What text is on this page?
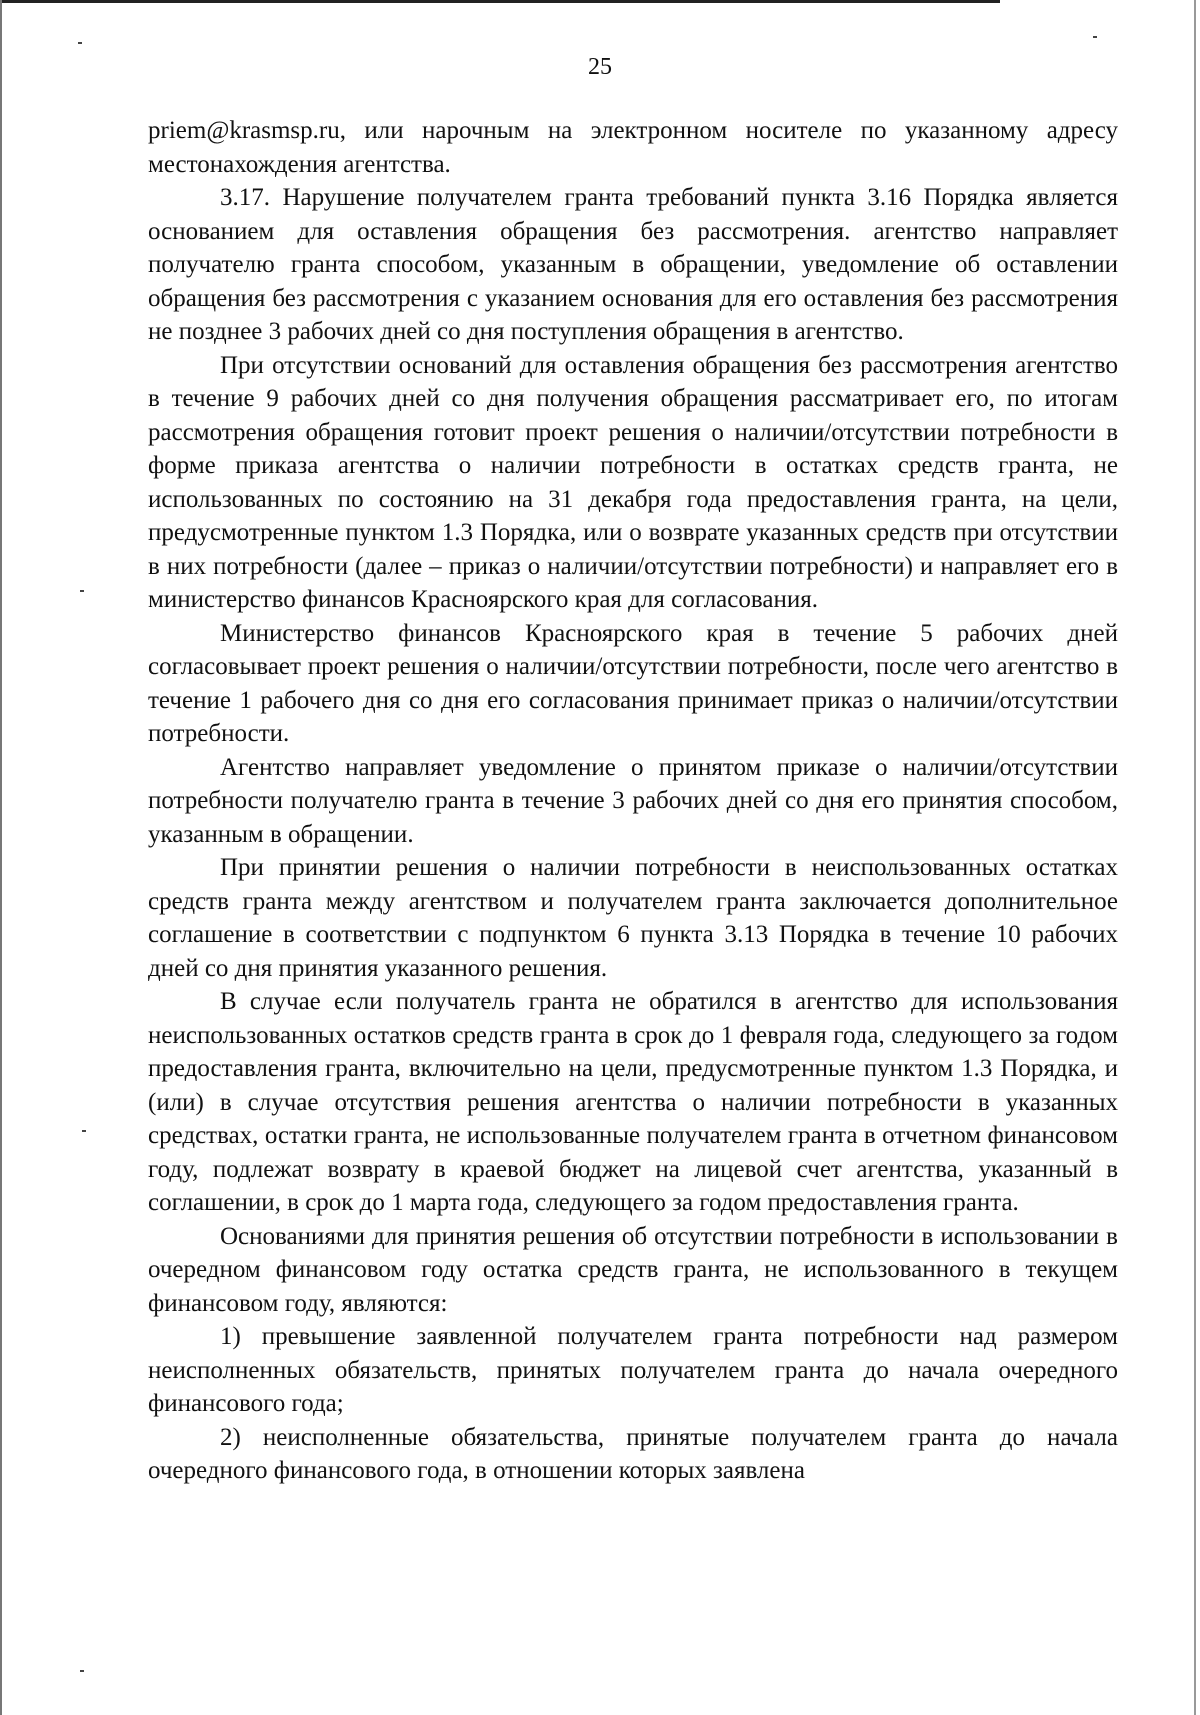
25

priem@krasmsp.ru, или нарочным на электронном носителе по указанному адресу местонахождения агентства.

3.17. Нарушение получателем гранта требований пункта 3.16 Порядка является основанием для оставления обращения без рассмотрения. агентство направляет получателю гранта способом, указанным в обращении, уведомление об оставлении обращения без рассмотрения с указанием основания для его оставления без рассмотрения не позднее 3 рабочих дней со дня поступления обращения в агентство.

При отсутствии оснований для оставления обращения без рассмотрения агентство в течение 9 рабочих дней со дня получения обращения рассматривает его, по итогам рассмотрения обращения готовит проект решения о наличии/отсутствии потребности в форме приказа агентства о наличии потребности в остатках средств гранта, не использованных по состоянию на 31 декабря года предоставления гранта, на цели, предусмотренные пунктом 1.3 Порядка, или о возврате указанных средств при отсутствии в них потребности (далее – приказ о наличии/отсутствии потребности) и направляет его в министерство финансов Красноярского края для согласования.

Министерство финансов Красноярского края в течение 5 рабочих дней согласовывает проект решения о наличии/отсутствии потребности, после чего агентство в течение 1 рабочего дня со дня его согласования принимает приказ о наличии/отсутствии потребности.

Агентство направляет уведомление о принятом приказе о наличии/отсутствии потребности получателю гранта в течение 3 рабочих дней со дня его принятия способом, указанным в обращении.

При принятии решения о наличии потребности в неиспользованных остатках средств гранта между агентством и получателем гранта заключается дополнительное соглашение в соответствии с подпунктом 6 пункта 3.13 Порядка в течение 10 рабочих дней со дня принятия указанного решения.

В случае если получатель гранта не обратился в агентство для использования неиспользованных остатков средств гранта в срок до 1 февраля года, следующего за годом предоставления гранта, включительно на цели, предусмотренные пунктом 1.3 Порядка, и (или) в случае отсутствия решения агентства о наличии потребности в указанных средствах, остатки гранта, не использованные получателем гранта в отчетном финансовом году, подлежат возврату в краевой бюджет на лицевой счет агентства, указанный в соглашении, в срок до 1 марта года, следующего за годом предоставления гранта.

Основаниями для принятия решения об отсутствии потребности в использовании в очередном финансовом году остатка средств гранта, не использованного в текущем финансовом году, являются:

1) превышение заявленной получателем гранта потребности над размером неисполненных обязательств, принятых получателем гранта до начала очередного финансового года;

2) неисполненные обязательства, принятые получателем гранта до начала очередного финансового года, в отношении которых заявлена
